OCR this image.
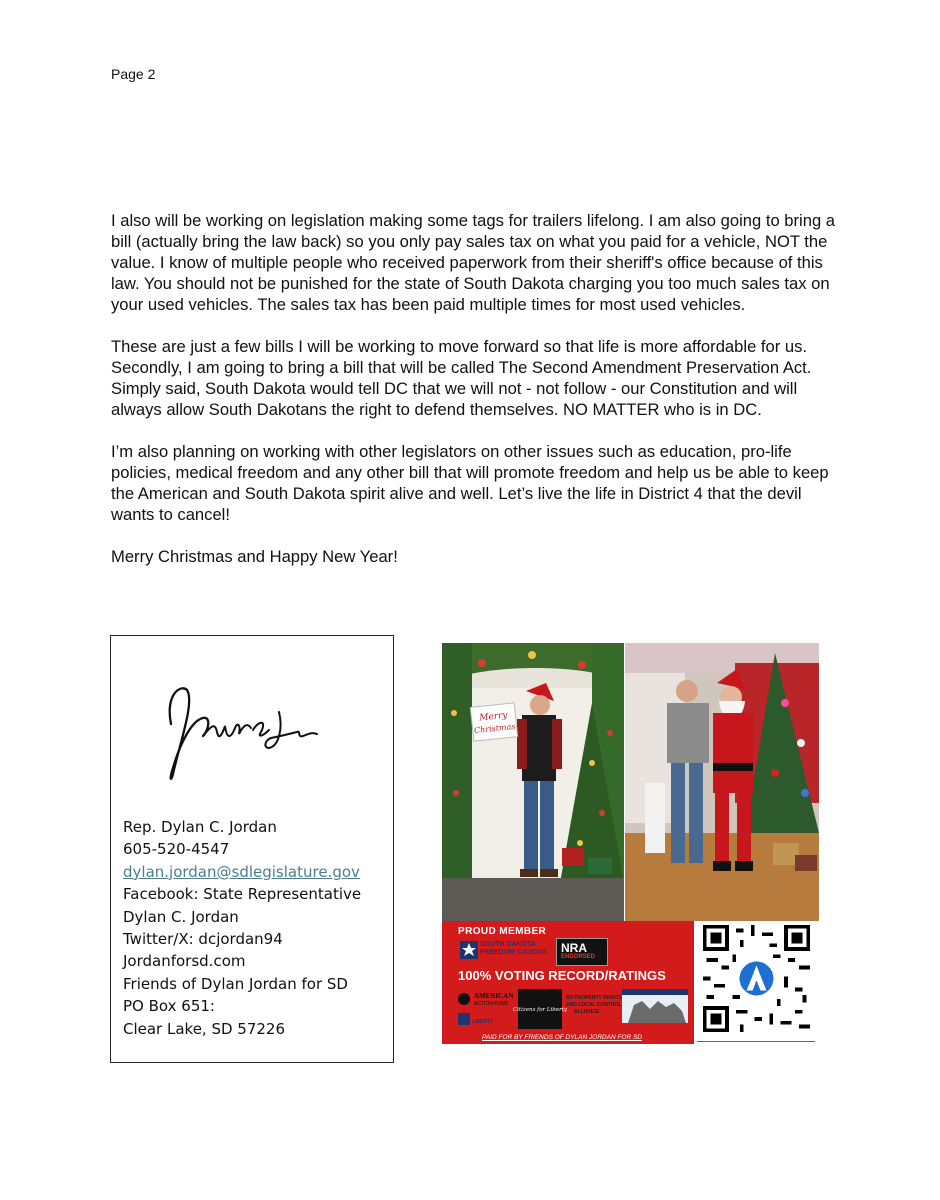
Page 2

I also will be working on legislation making some tags for trailers lifelong. I am also going to bring a bill (actually bring the law back) so you only pay sales tax on what you paid for a vehicle, NOT the value. I know of multiple people who received paperwork from their sheriff's office because of this law. You should not be punished for the state of South Dakota charging you too much sales tax on your used vehicles. The sales tax has been paid multiple times for most used vehicles.

These are just a few bills I will be working to move forward so that life is more affordable for us. Secondly, I am going to bring a bill that will be called The Second Amendment Preservation Act. Simply said, South Dakota would tell DC that we will not - not follow - our Constitution and will always allow South Dakotans the right to defend themselves. NO MATTER who is in DC.

I’m also planning on working with other legislators on other issues such as education, pro-life policies, medical freedom and any other bill that will promote freedom and help us be able to keep the American and South Dakota spirit alive and well. Let’s live the life in District 4 that the devil wants to cancel!

Merry Christmas and Happy New Year!

Rep. Dylan C. Jordan
605-520-4547
dylan.jordan@sdlegislature.gov
Facebook: State Representative
Dylan C. Jordan
Twitter/X: dcjordan94
Jordanforsd.com
Friends of Dylan Jordan for SD
PO Box 651:
Clear Lake, SD 57226
Merry
Christmas
PROUD MEMBER
SOUTH DAKOTA
FREEDOM CAUCUS NRA
ENDORSED
100% VOTING RECORD/RATINGS
AMERICAN
ACTION FUND
Citizens for Liberty
SD PROPERTY RIGHTS
AND LOCAL CONTROL
ALLIANCE
LIBERTY
PAID FOR BY FRIENDS OF DYLAN JORDAN FOR SD
